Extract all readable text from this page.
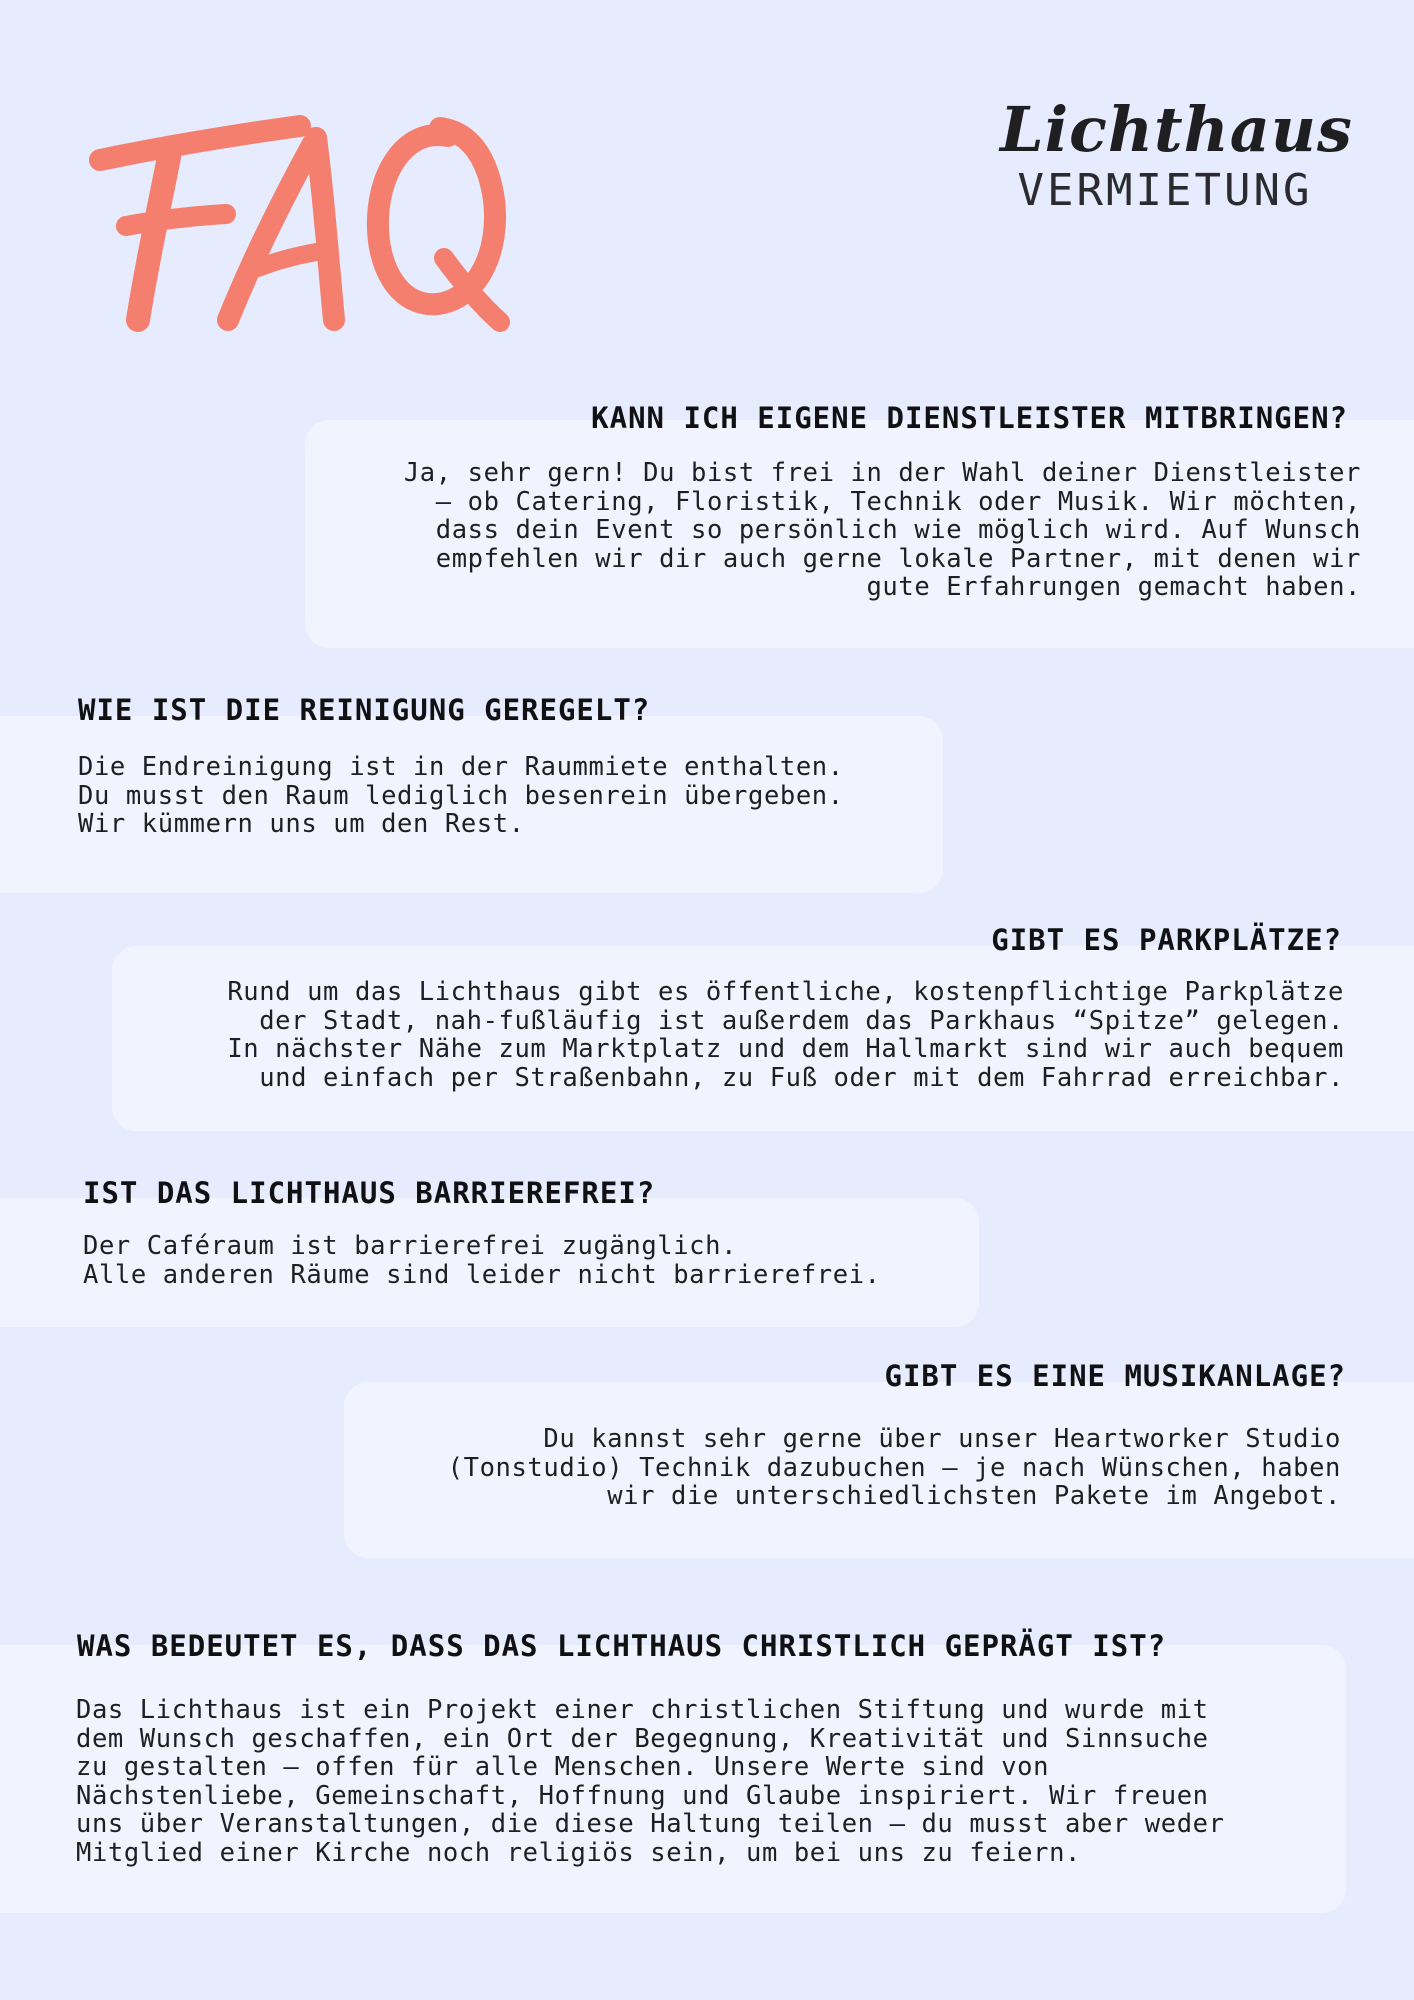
Lichthaus
VERMIETUNG
KANN ICH EIGENE DIENSTLEISTER MITBRINGEN?

Ja, sehr gern! Du bist frei in der Wahl deiner Dienstleister
– ob Catering, Floristik, Technik oder Musik. Wir möchten,
dass dein Event so persönlich wie möglich wird. Auf Wunsch
empfehlen wir dir auch gerne lokale Partner, mit denen wir
gute Erfahrungen gemacht haben.

WIE IST DIE REINIGUNG GEREGELT?

Die Endreinigung ist in der Raummiete enthalten.
Du musst den Raum lediglich besenrein übergeben.
Wir kümmern uns um den Rest.

GIBT ES PARKPLÄTZE?

Rund um das Lichthaus gibt es öffentliche, kostenpflichtige Parkplätze
der Stadt, nah-fußläufig ist außerdem das Parkhaus “Spitze” gelegen.
In nächster Nähe zum Marktplatz und dem Hallmarkt sind wir auch bequem
und einfach per Straßenbahn, zu Fuß oder mit dem Fahrrad erreichbar.

IST DAS LICHTHAUS BARRIEREFREI?

Der Caféraum ist barrierefrei zugänglich.
Alle anderen Räume sind leider nicht barrierefrei.

GIBT ES EINE MUSIKANLAGE?

Du kannst sehr gerne über unser Heartworker Studio
(Tonstudio) Technik dazubuchen – je nach Wünschen, haben
wir die unterschiedlichsten Pakete im Angebot.

WAS BEDEUTET ES, DASS DAS LICHTHAUS CHRISTLICH GEPRÄGT IST?

Das Lichthaus ist ein Projekt einer christlichen Stiftung und wurde mit
dem Wunsch geschaffen, ein Ort der Begegnung, Kreativität und Sinnsuche
zu gestalten – offen für alle Menschen. Unsere Werte sind von
Nächstenliebe, Gemeinschaft, Hoffnung und Glaube inspiriert. Wir freuen
uns über Veranstaltungen, die diese Haltung teilen – du musst aber weder
Mitglied einer Kirche noch religiös sein, um bei uns zu feiern.
